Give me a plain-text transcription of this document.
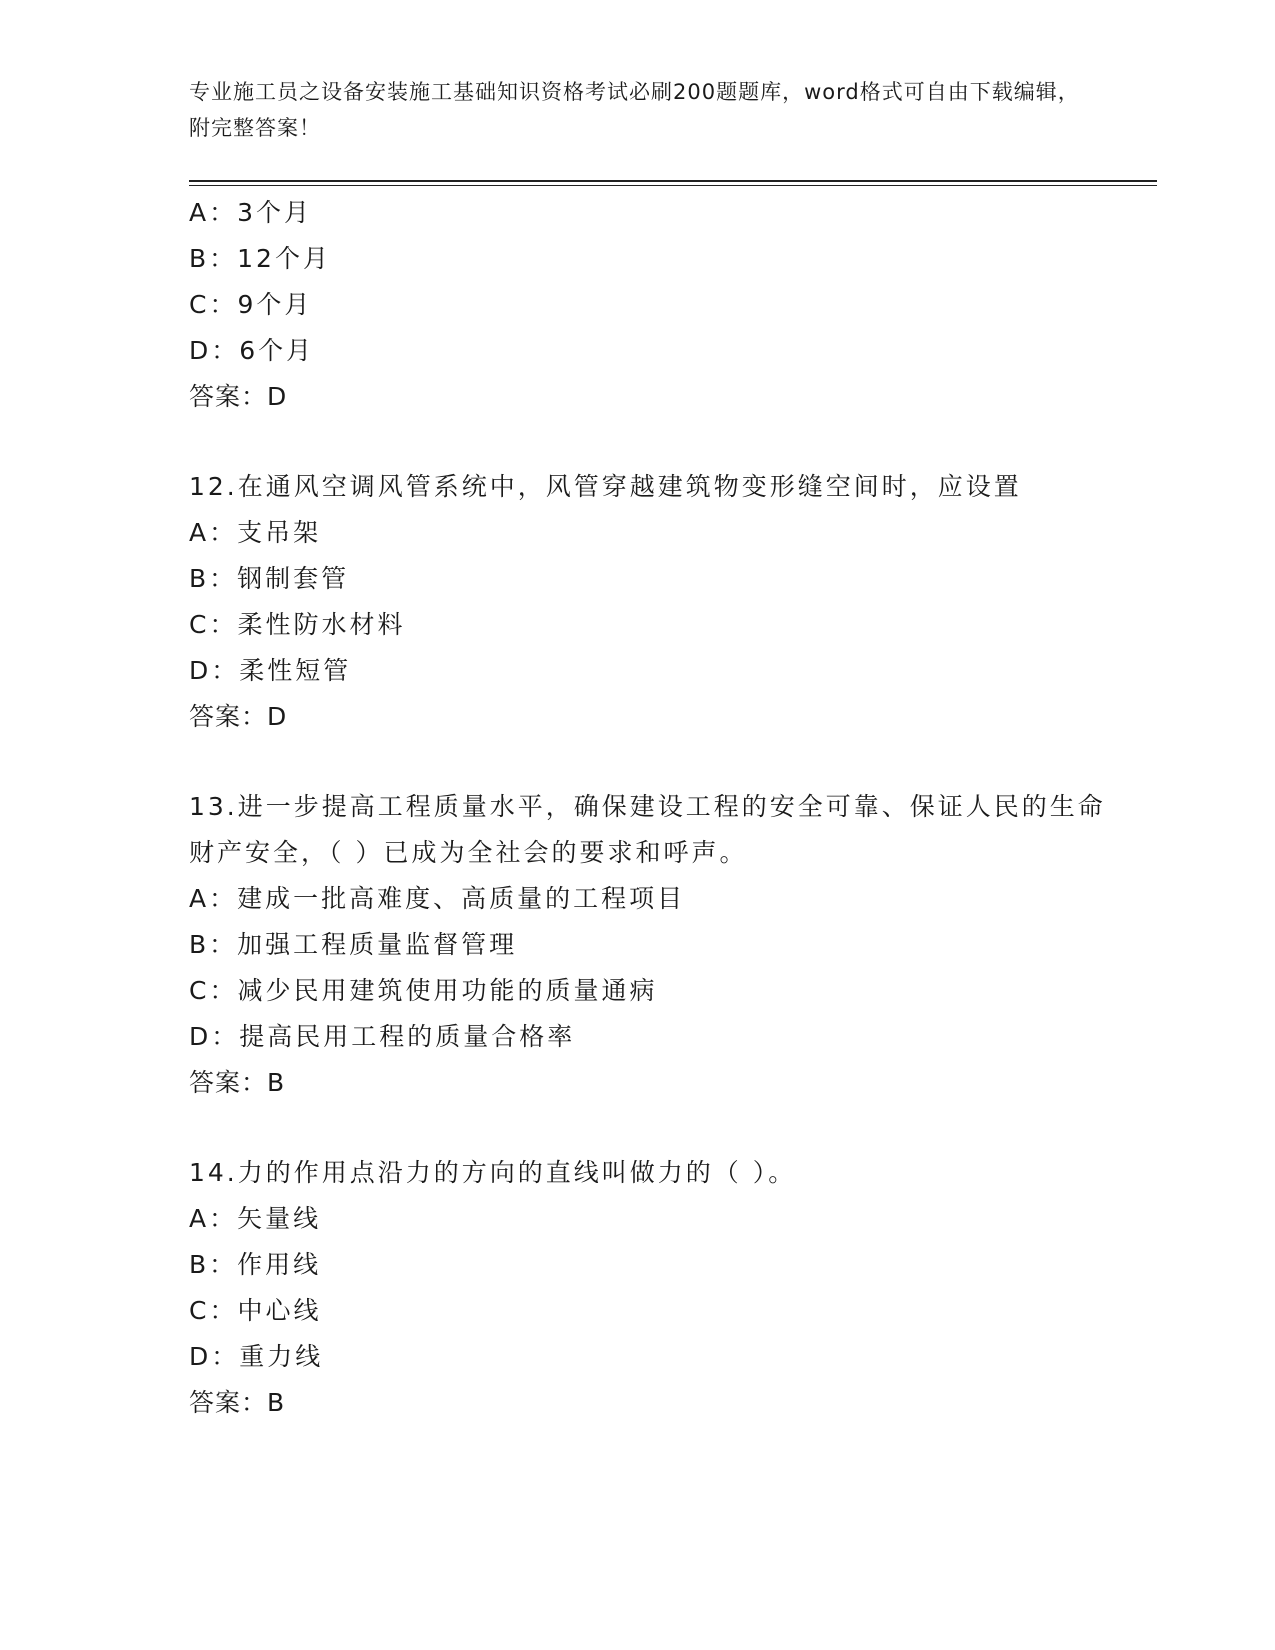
专业施工员之设备安装施工基础知识资格考试必刷200题题库，word格式可自由下载编辑，附完整答案！
A：3个月
B：12个月
C：9个月
D：6个月
答案：D
12.在通风空调风管系统中，风管穿越建筑物变形缝空间时，应设置
A：支吊架
B：钢制套管
C：柔性防水材料
D：柔性短管
答案：D
13.进一步提高工程质量水平，确保建设工程的安全可靠、保证人民的生命财产安全，（ ）已成为全社会的要求和呼声。
A：建成一批高难度、高质量的工程项目
B：加强工程质量监督管理
C：减少民用建筑使用功能的质量通病
D：提高民用工程的质量合格率
答案：B
14.力的作用点沿力的方向的直线叫做力的（ ）。
A：矢量线
B：作用线
C：中心线
D：重力线
答案：B
